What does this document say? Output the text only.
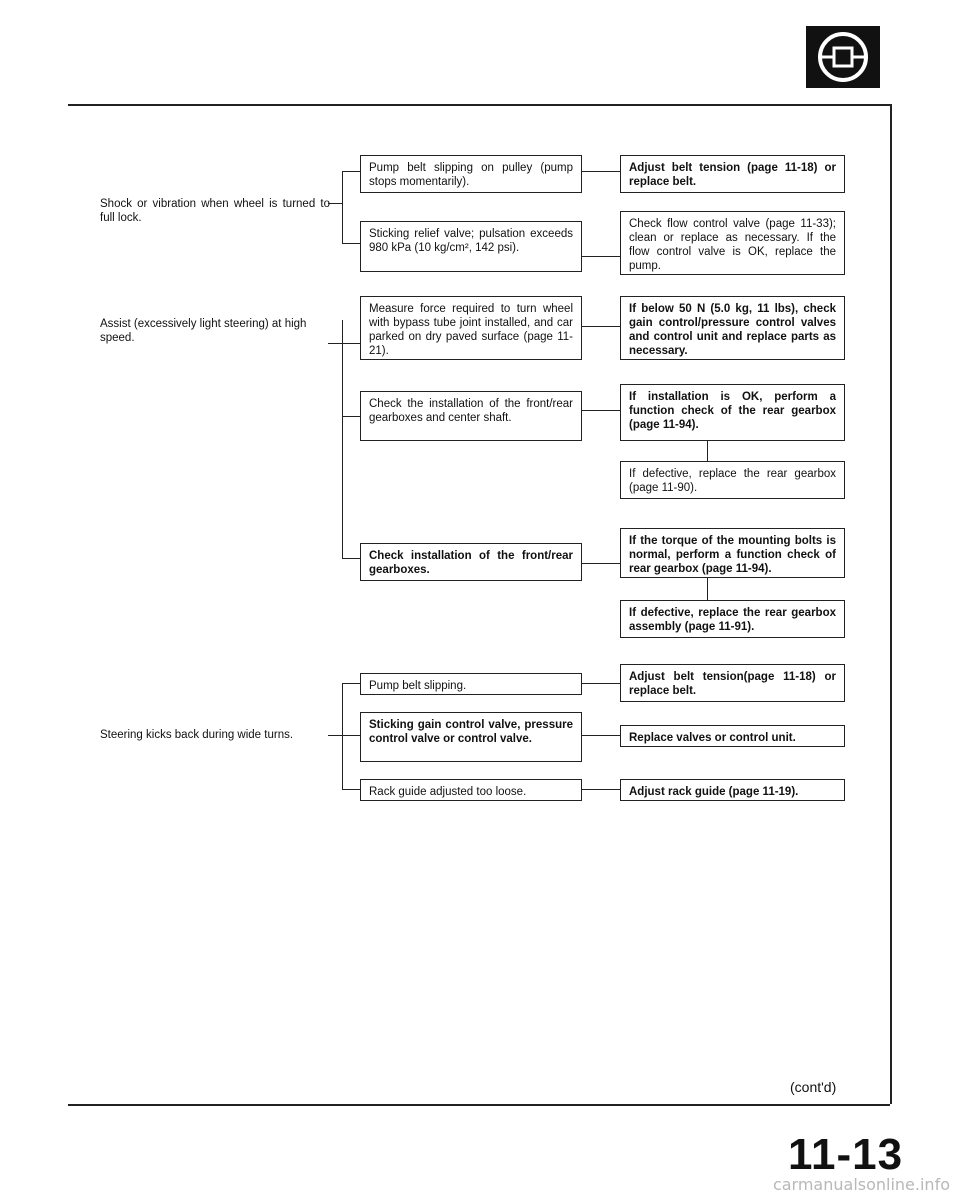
Shock or vibration when wheel is turned to full lock.
Assist (excessively light steering) at high speed.
Steering kicks back during wide turns.
Pump belt slipping on pulley (pump stops momentarily).
Sticking relief valve; pulsation exceeds 980 kPa (10 kg/cm², 142 psi).
Measure force required to turn wheel with bypass tube joint installed, and car parked on dry paved surface (page 11-21).
Check the installation of the front/rear gearboxes and center shaft.
Check installation of the front/rear gearboxes.
Pump belt slipping.
Sticking gain control valve, pressure control valve or control valve.
Rack guide adjusted too loose.
Adjust belt tension (page 11-18) or replace belt.
Check flow control valve (page 11-33); clean or replace as necessary. If the flow control valve is OK, replace the pump.
If below 50 N (5.0 kg, 11 lbs), check gain control/pressure control valves and control unit and replace parts as necessary.
If installation is OK, perform a function check of the rear gearbox (page 11-94).
If defective, replace the rear gearbox (page 11-90).
If the torque of the mounting bolts is normal, perform a function check of rear gearbox (page 11-94).
If defective, replace the rear gearbox assembly (page 11-91).
Adjust belt tension(page 11-18) or replace belt.
Replace valves or control unit.
Adjust rack guide (page 11-19).
(cont'd)
11-13
carmanualsonline.info
